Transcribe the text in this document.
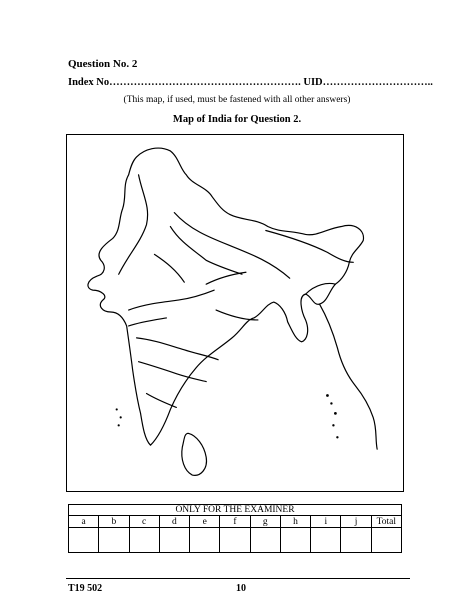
Question No. 2
Index No………………………………………………. UID…………………………..
(This map, if used, must be fastened with all other answers)
Map of India for Question 2.
ONLY FOR THE EXAMINER										
a	b	c	d	e	f	g	h	i	j	Total

T19 502	10
